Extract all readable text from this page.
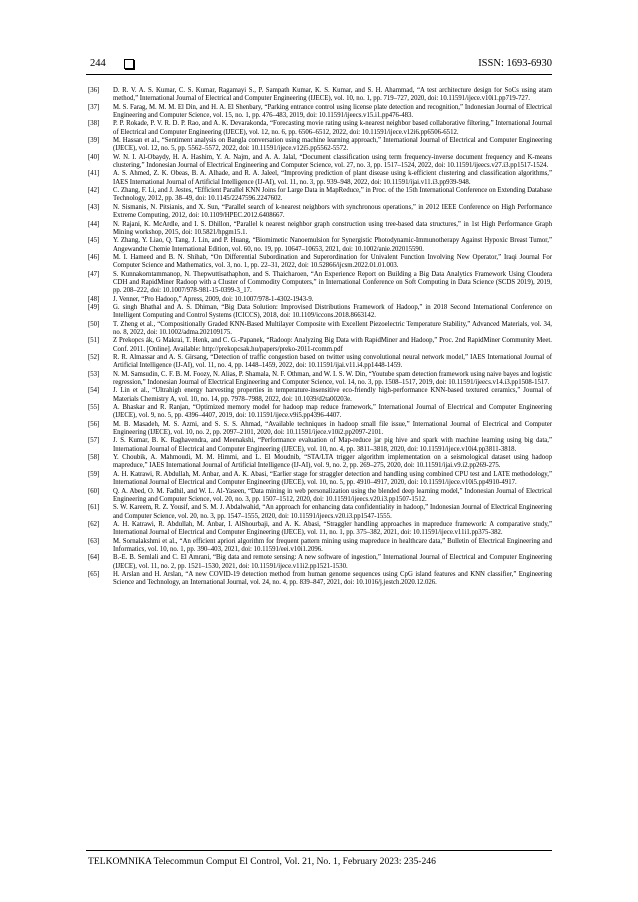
244	ISSN: 1693-6930
[36] D. R. V. A. S. Kumar, C. S. Kumar, Ragamayi S., P. Sampath Kumar, K. S. Kumar, and S. H. Ahammad, “A test architecture design for SoCs using atam method,” International Journal of Electrical and Computer Engineering (IJECE), vol. 10, no. 1, pp. 719–727, 2020, doi: 10.11591/ijece.v10i1.pp719-727.
[37] M. S. Farag, M. M. M. El Din, and H. A. El Shenbary, “Parking entrance control using license plate detection and recognition,” Indonesian Journal of Electrical Engineering and Computer Science, vol. 15, no. 1, pp. 476–483, 2019, doi: 10.11591/ijeecs.v15.i1.pp476-483.
[38] P. P. Rokade, P. V. R. D. P. Rao, and A. K. Devarakonda, “Forecasting movie rating using k-nearest neighbor based collaborative filtering,” International Journal of Electrical and Computer Engineering (IJECE), vol. 12, no. 6, pp. 6506–6512, 2022, doi: 10.11591/ijece.v12i6.pp6506-6512.
[39] M. Hassan et al., “Sentiment analysis on Bangla conversation using machine learning approach,” International Journal of Electrical and Computer Engineering (IJECE), vol. 12, no. 5, pp. 5562–5572, 2022, doi: 10.11591/ijece.v12i5.pp5562-5572.
[40] W. N. I. Al-Obaydy, H. A. Hashim, Y. A. Najm, and A. A. Jalal, “Document classification using term frequency-inverse document frequency and K-means clustering,” Indonesian Journal of Electrical Engineering and Computer Science, vol. 27, no. 3, pp. 1517–1524, 2022, doi: 10.11591/ijeecs.v27.i3.pp1517-1524.
[41] A. S. Ahmed, Z. K. Obeas, B. A. Alhade, and R. A. Jaleel, “Improving prediction of plant disease using k-efficient clustering and classification algorithms,” IAES International Journal of Artificial Intelligence (IJ-AI), vol. 11, no. 3, pp. 939–948, 2022, doi: 10.11591/ijai.v11.i3.pp939-948.
[42] C. Zhang, F. Li, and J. Jestes, “Efficient Parallel KNN Joins for Large Data in MapReduce,” in Proc. of the 15th International Conference on Extending Database Technology, 2012, pp. 38–49, doi: 10.1145/2247596.2247602.
[43] N. Sismanis, N. Pitsianis, and X. Sun, “Parallel search of k-nearest neighbors with synchronous operations,” in 2012 IEEE Conference on High Performance Extreme Computing, 2012, doi: 10.1109/HPEC.2012.6408667.
[44] N. Rajani, K. McArdle, and I. S. Dhillon, “Parallel k nearest neighbor graph construction using tree-based data structures,” in 1st High Performance Graph Mining workshop, 2015, doi: 10.5821/hpgm15.1.
[45] Y. Zhang, Y. Liao, Q. Tang, J. Lin, and P. Huang, “Biomimetic Nanoemulsion for Synergistic Photodynamic-Immunotherapy Against Hypoxic Breast Tumor,” Angewandte Chemie International Edition, vol. 60, no. 19, pp. 10647–10653, 2021, doi: 10.1002/anie.202015590.
[46] M. I. Hameed and B. N. Shihab, “On Differential Subordination and Superordination for Univalent Function Involving New Operator,” Iraqi Journal For Computer Science and Mathematics, vol. 3, no. 1, pp. 22–31, 2022, doi: 10.52866/ijcsm.2022.01.01.003.
[47] S. Kunnakorntammanop, N. Thepwuttisathaphon, and S. Thaicharoen, “An Experience Report on Building a Big Data Analytics Framework Using Cloudera CDH and RapidMiner Radoop with a Cluster of Commodity Computers,” in International Conference on Soft Computing in Data Science (SCDS 2019), 2019, pp. 208–222, doi: 10.1007/978-981-15-0399-3_17.
[48] J. Venner, “Pro Hadoop,” Apress, 2009, doi: 10.1007/978-1-4302-1943-9.
[49] G. singh Bhathal and A. S. Dhiman, “Big Data Solution: Improvised Distributions Framework of Hadoop,” in 2018 Second International Conference on Intelligent Computing and Control Systems (ICICCS), 2018, doi: 10.1109/iccons.2018.8663142.
[50] T. Zheng et al., “Compositionally Graded KNN-Based Multilayer Composite with Excellent Piezoelectric Temperature Stability,” Advanced Materials, vol. 34, no. 8, 2022, doi: 10.1002/adma.202109175.
[51] Z Prekopcs ák, G Makrai, T. Henk, and C. G.-Papanek, “Radoop: Analyzing Big Data with RapidMiner and Hadoop,” Proc. 2nd RapidMiner Community Meet. Conf. 2011. [Online]. Available: http://prekopcsak.hu/papers/preko-2011-rcomm.pdf
[52] R. R. Almassar and A. S. Girsang, “Detection of traffic congestion based on twitter using convolutional neural network model,” IAES International Journal of Artificial Intelligence (IJ-AI), vol. 11, no. 4, pp. 1448–1459, 2022, doi: 10.11591/ijai.v11.i4.pp1448-1459.
[53] N. M. Samsudin, C. F. B. M. Foozy, N. Alias, P. Shamala, N. F. Othman, and W. I. S. W. Din, “Youtube spam detection framework using naive bayes and logistic regression,” Indonesian Journal of Electrical Engineering and Computer Science, vol. 14, no. 3, pp. 1508–1517, 2019, doi: 10.11591/ijeecs.v14.i3.pp1508-1517.
[54] J. Lin et al., “Ultrahigh energy harvesting properties in temperature-insensitive eco-friendly high-performance KNN-based textured ceramics,” Journal of Materials Chemistry A, vol. 10, no. 14, pp. 7978–7988, 2022, doi: 10.1039/d2ta00203e.
[55] A. Bhaskar and R. Ranjan, “Optimized memory model for hadoop map reduce framework,” International Journal of Electrical and Computer Engineering (IJECE), vol. 9, no. 5, pp. 4396–4407, 2019, doi: 10.11591/ijece.v9i5.pp4396-4407.
[56] M. B. Masadeh, M. S. Azmi, and S. S. S. Ahmad, “Available techniques in hadoop small file issue,” International Journal of Electrical and Computer Engineering (IJECE), vol. 10, no. 2, pp. 2097–2101, 2020, doi: 10.11591/ijece.v10i2.pp2097-2101.
[57] J. S. Kumar, B. K. Raghavendra, and Meenakshi, “Performance evaluation of Map-reduce jar pig hive and spark with machine learning using big data,” International Journal of Electrical and Computer Engineering (IJECE), vol. 10, no. 4, pp. 3811–3818, 2020, doi: 10.11591/ijece.v10i4.pp3811-3818.
[58] Y. Choubik, A. Mahmoudi, M. M. Himmi, and L. El Moudnib, “STA/LTA trigger algorithm implementation on a seismological dataset using hadoop mapreduce,” IAES International Journal of Artificial Intelligence (IJ-AI), vol. 9, no. 2, pp. 269–275, 2020, doi: 10.11591/ijai.v9.i2.pp269-275.
[59] A. H. Katrawi, R. Abdullah, M. Anbar, and A. K. Abasi, “Earlier stage for straggler detection and handling using combined CPU test and LATE methodology,” International Journal of Electrical and Computer Engineering (IJECE), vol. 10, no. 5, pp. 4910–4917, 2020, doi: 10.11591/ijece.v10i5.pp4910-4917.
[60] Q. A. Abed, O. M. Fadhil, and W. L. Al-Yaseen, “Data mining in web personalization using the blended deep learning model,” Indonesian Journal of Electrical Engineering and Computer Science, vol. 20, no. 3, pp. 1507–1512, 2020, doi: 10.11591/ijeecs.v20.i3.pp1507-1512.
[61] S. W. Kareem, R. Z. Yousif, and S. M. J. Abdalwahid, “An approach for enhancing data confidentiality in hadoop,” Indonesian Journal of Electrical Engineering and Computer Science, vol. 20, no. 3, pp. 1547–1555, 2020, doi: 10.11591/ijeecs.v20.i3.pp1547-1555.
[62] A. H. Katrawi, R. Abdullah, M. Anbar, I. AlShourbaji, and A. K. Abasi, “Straggler handling approaches in mapreduce framework: A comparative study,” International Journal of Electrical and Computer Engineering (IJECE), vol. 11, no. 1, pp. 375–382, 2021, doi: 10.11591/ijece.v11i1.pp375-382.
[63] M. Sornalakshmi et al., “An efficient apriori algorithm for frequent pattern mining using mapreduce in healthcare data,” Bulletin of Electrical Engineering and Informatics, vol. 10, no. 1, pp. 390–403, 2021, doi: 10.11591/eei.v10i1.2096.
[64] B.-E. B. Semlali and C. El Amrani, “Big data and remote sensing: A new software of ingestion,” International Journal of Electrical and Computer Engineering (IJECE), vol. 11, no. 2, pp. 1521–1530, 2021, doi: 10.11591/ijece.v11i2.pp1521-1530.
[65] H. Arslan and H. Arslan, “A new COVID-19 detection method from human genome sequences using CpG island features and KNN classifier,” Engineering Science and Technology, an International Journal, vol. 24, no. 4, pp. 839–847, 2021, doi: 10.1016/j.jestch.2020.12.026.
TELKOMNIKA Telecommun Comput El Control, Vol. 21, No. 1, February 2023: 235-246
